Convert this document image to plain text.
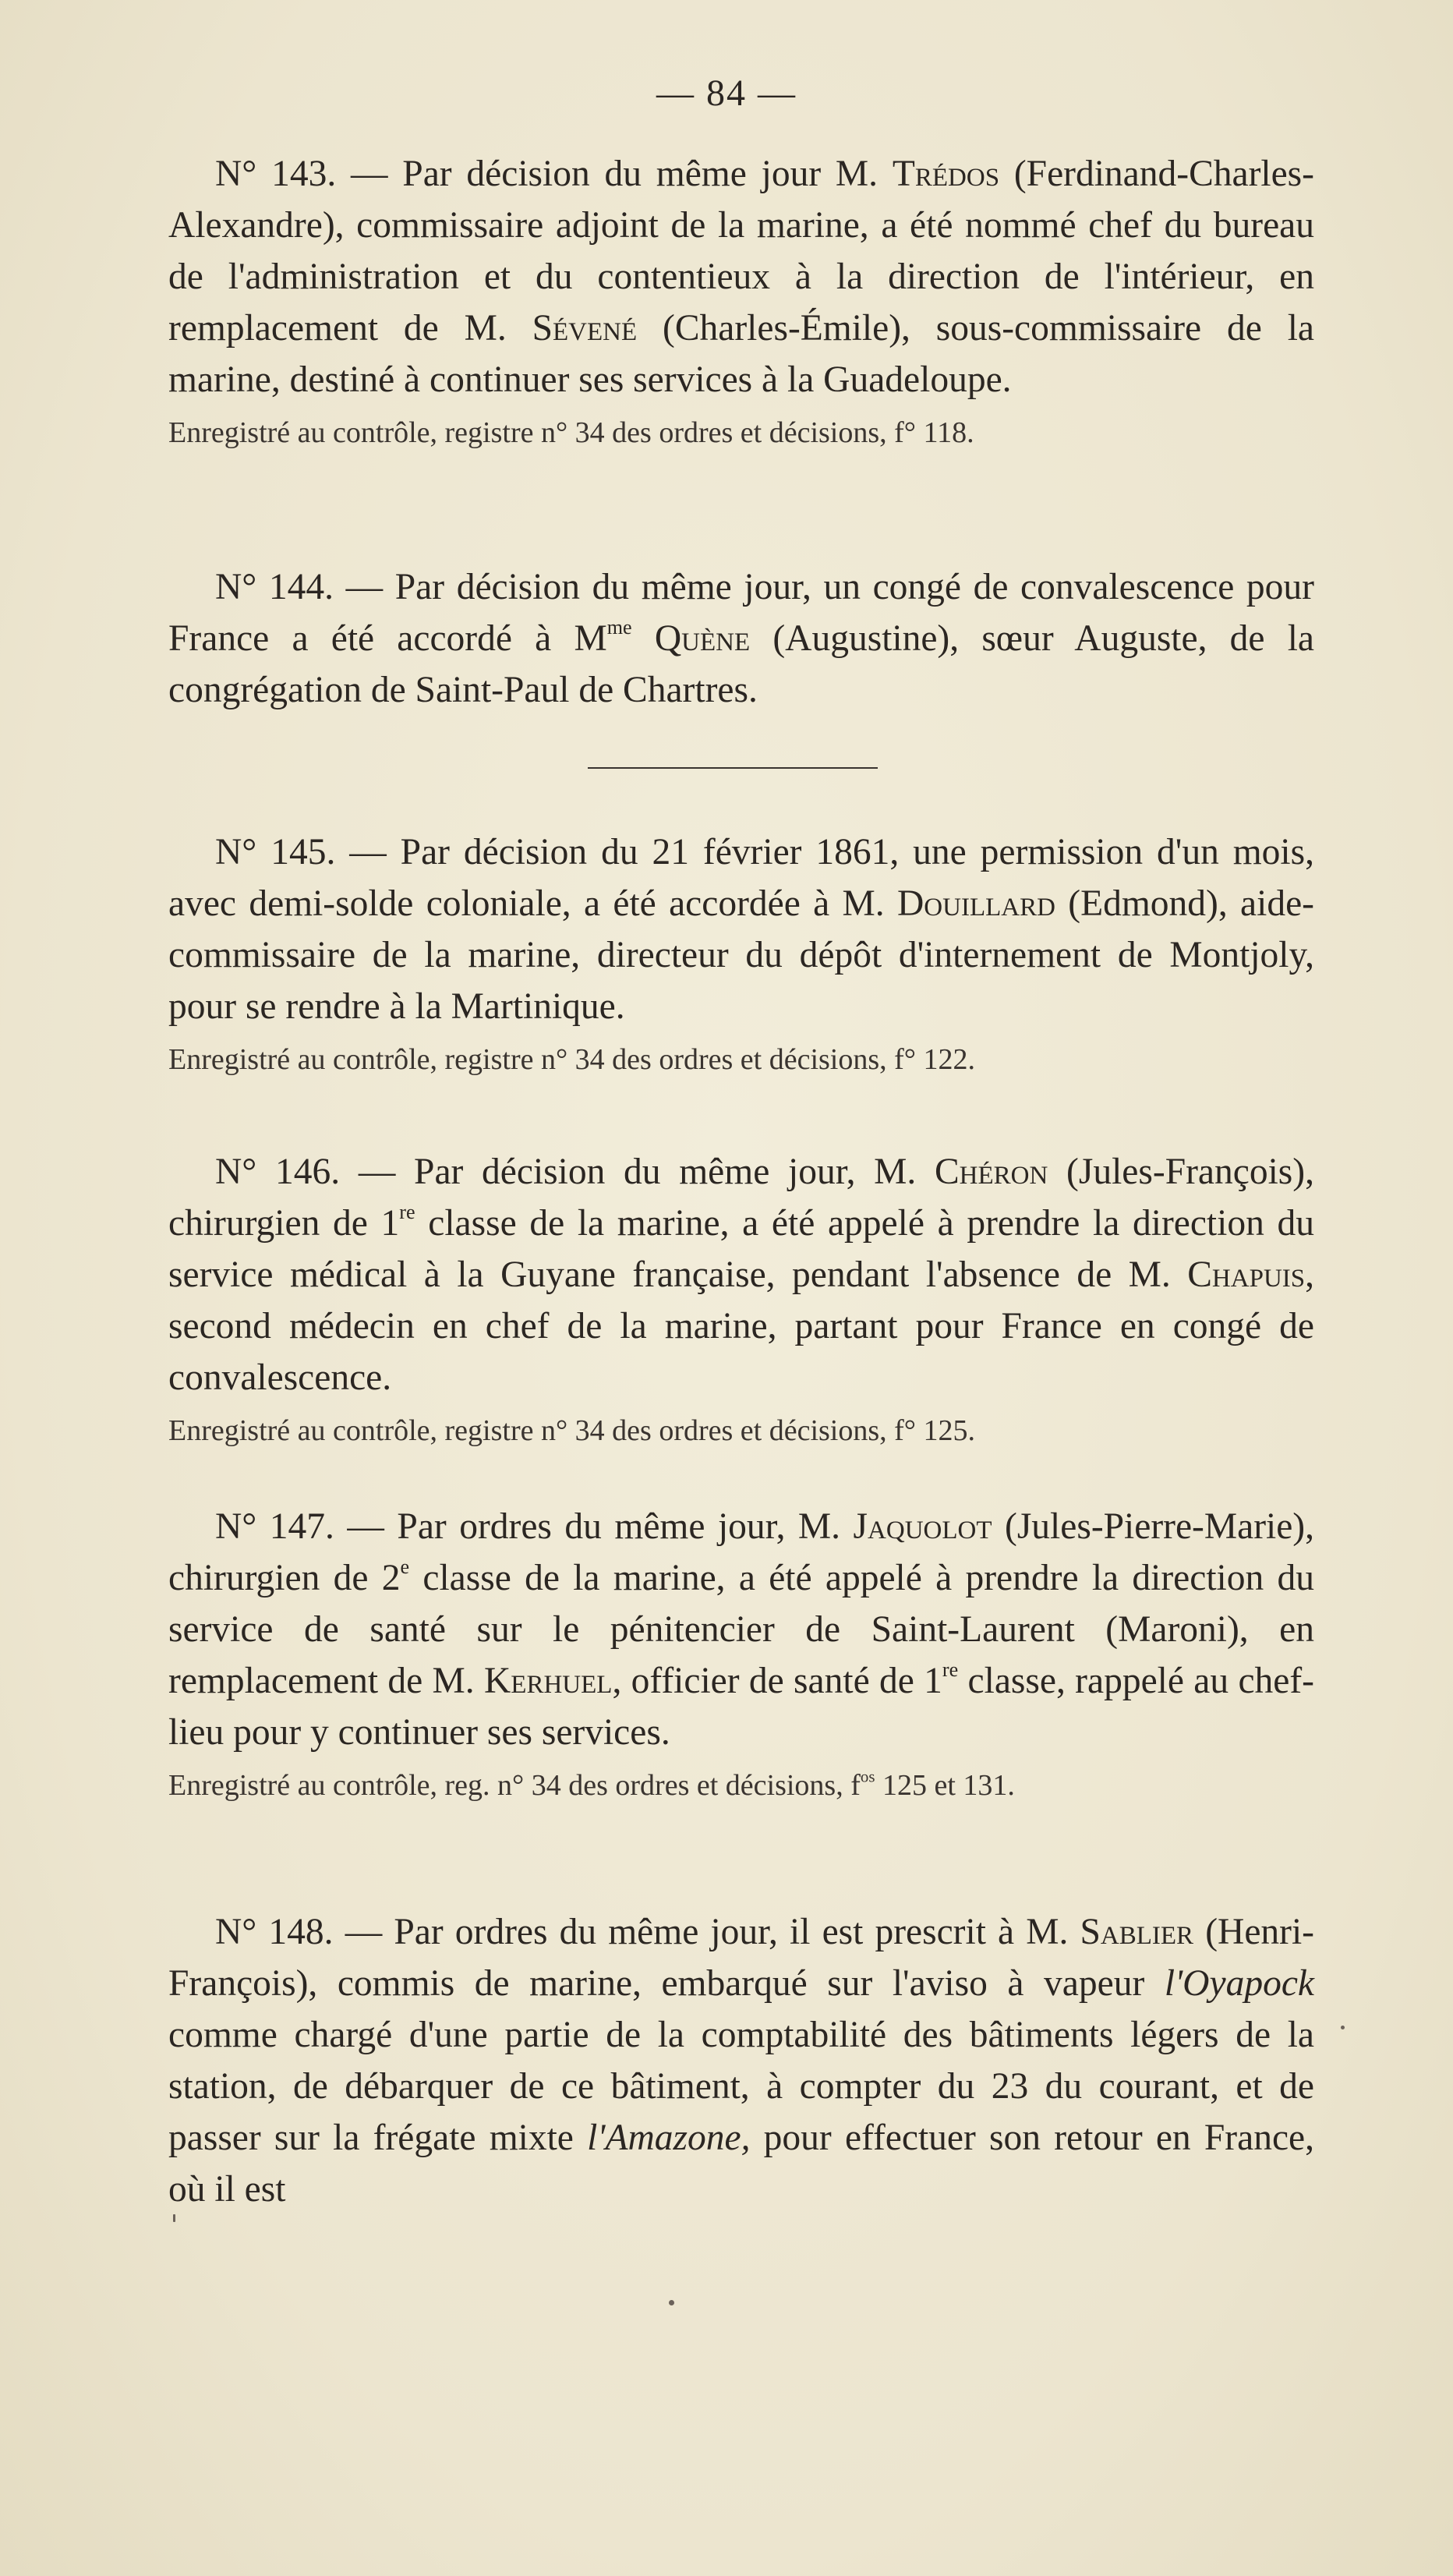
— 84 —

N° 143. — Par décision du même jour M. Trédos (Ferdinand-Charles-Alexandre), commissaire adjoint de la marine, a été nommé chef du bureau de l'administration et du contentieux à la direction de l'intérieur, en remplacement de M. Sévené (Charles-Émile), sous-commissaire de la marine, destiné à continuer ses services à la Guadeloupe.

Enregistré au contrôle, registre n° 34 des ordres et décisions, f° 118.

N° 144. — Par décision du même jour, un congé de convalescence pour France a été accordé à $M^{me}$ Quène (Augustine), sœur Auguste, de la congrégation de Saint-Paul de Chartres.

N° 145. — Par décision du 21 février 1861, une permission d'un mois, avec demi-solde coloniale, a été accordée à M. Douillard (Edmond), aide-commissaire de la marine, directeur du dépôt d'internement de Montjoly, pour se rendre à la Martinique.

Enregistré au contrôle, registre n° 34 des ordres et décisions, f° 122.

N° 146. — Par décision du même jour, M. Chéron (Jules-François), chirurgien de 1re classe de la marine, a été appelé à prendre la direction du service médical à la Guyane française, pendant l'absence de M. Chapuis, second médecin en chef de la marine, partant pour France en congé de convalescence.

Enregistré au contrôle, registre n° 34 des ordres et décisions, f° 125.

N° 147. — Par ordres du même jour, M. Jaquolot (Jules-Pierre-Marie), chirurgien de 2e classe de la marine, a été appelé à prendre la direction du service de santé sur le pénitencier de Saint-Laurent (Maroni), en remplacement de M. Kerhuel, officier de santé de 1re classe, rappelé au chef-lieu pour y continuer ses services.

Enregistré au contrôle, reg. n° 34 des ordres et décisions, $f^{os}$ 125 et 131.

N° 148. — Par ordres du même jour, il est prescrit à M. Sablier (Henri-François), commis de marine, embarqué sur l'aviso à vapeur l'Oyapock comme chargé d'une partie de la comptabilité des bâtiments légers de la station, de débarquer de ce bâtiment, à compter du 23 du courant, et de passer sur la frégate mixte l'Amazone, pour effectuer son retour en France, où il est
